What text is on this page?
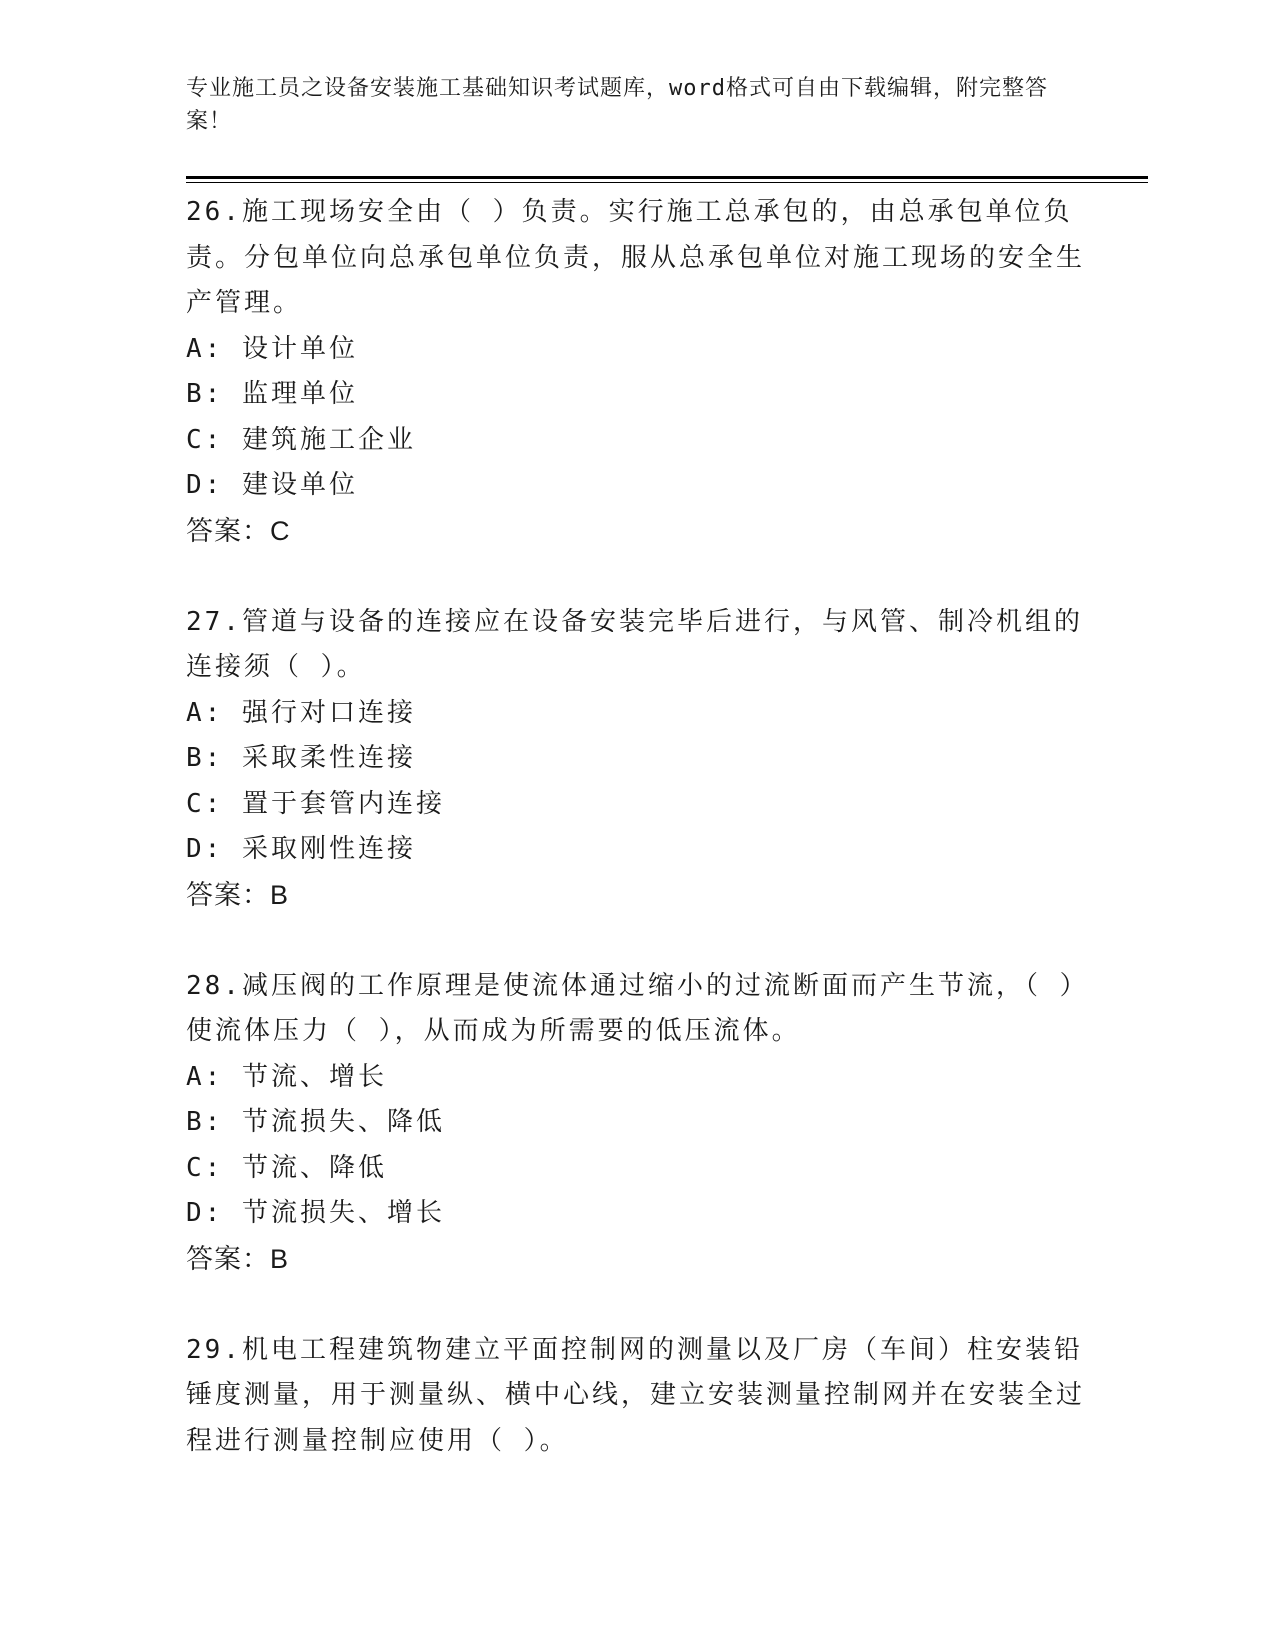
专业施工员之设备安装施工基础知识考试题库，word格式可自由下载编辑，附完整答案！
26.施工现场安全由（ ）负责。实行施工总承包的，由总承包单位负责。分包单位向总承包单位负责，服从总承包单位对施工现场的安全生产管理。
A: 设计单位
B: 监理单位
C: 建筑施工企业
D: 建设单位
答案：C
27.管道与设备的连接应在设备安装完毕后进行，与风管、制冷机组的连接须（ ）。
A: 强行对口连接
B: 采取柔性连接
C: 置于套管内连接
D: 采取刚性连接
答案：B
28.减压阀的工作原理是使流体通过缩小的过流断面而产生节流，（ ）使流体压力（ ），从而成为所需要的低压流体。
A: 节流、增长
B: 节流损失、降低
C: 节流、降低
D: 节流损失、增长
答案：B
29.机电工程建筑物建立平面控制网的测量以及厂房（车间）柱安装铅锤度测量，用于测量纵、横中心线，建立安装测量控制网并在安装全过程进行测量控制应使用（ ）。
